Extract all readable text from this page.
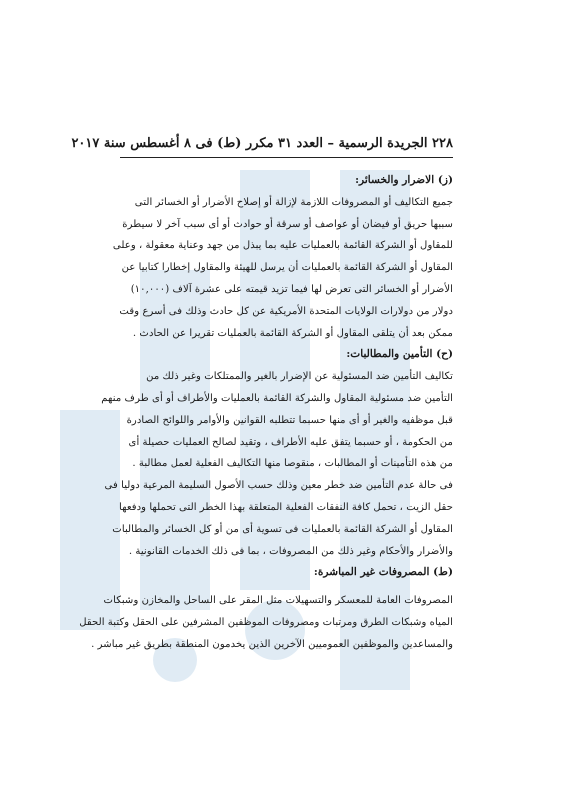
٢٢٨ الجريدة الرسمية – العدد ٣١ مكرر (ط) فى ٨ أغسطس سنة ٢٠١٧

(ز) الاضرار والخسائر:

جميع التكاليف أو المصروفات اللازمة لإزالة أو إصلاح الأضرار أو الخسائر التى
سببها حريق أو فيضان أو عواصف أو سرقة أو حوادث أو أى سبب آخر لا سيطرة
للمقاول أو الشركة القائمة بالعمليات عليه بما يبذل من جهد وعناية معقولة ، وعلى
المقاول أو الشركة القائمة بالعمليات أن يرسل للهيئة والمقاول إخطارا كتابيا عن
الأضرار أو الخسائر التى تعرض لها فيما تزيد قيمته على عشرة آلاف (١٠,٠٠٠)
دولار من دولارات الولايات المتحدة الأمريكية عن كل حادث وذلك فى أسرع وقت
ممكن بعد أن يتلقى المقاول أو الشركة القائمة بالعمليات تقريرا عن الحادث .

(ح) التأمين والمطالبات:

تكاليف التأمين ضد المسئولية عن الإضرار بالغير والممتلكات وغير ذلك من
التأمين ضد مسئولية المقاول والشركة القائمة بالعمليات والأطراف أو أى طرف منهم
قبل موظفيه والغير أو أى منها حسبما تتطلبه القوانين والأوامر واللوائح الصادرة
من الحكومة ، أو حسبما يتفق عليه الأطراف ، وتقيد لصالح العمليات حصيلة أى
من هذه التأمينات أو المطالبات ، منقوصا منها التكاليف الفعلية لعمل مطالبة .

فى حالة عدم التأمين ضد خطر معين وذلك حسب الأصول السليمة المرعية دوليا فى
حقل الزيت ، تحمل كافة النفقات الفعلية المتعلقة بهذا الخطر التى تحملها ودفعها
المقاول أو الشركة القائمة بالعمليات فى تسوية أى من أو كل الخسائر والمطالبات
والأضرار والأحكام وغير ذلك من المصروفات ، بما فى ذلك الخدمات القانونية .

(ط) المصروفات غير المباشرة:

المصروفات العامة للمعسكر والتسهيلات مثل المقر على الساحل والمخازن وشبكات
المياه وشبكات الطرق ومرتبات ومصروفات الموظفين المشرفين على الحقل وكتبة الحقل
والمساعدين والموظفين العموميين الآخرين الذين يخدمون المنطقة بطريق غير مباشر .
